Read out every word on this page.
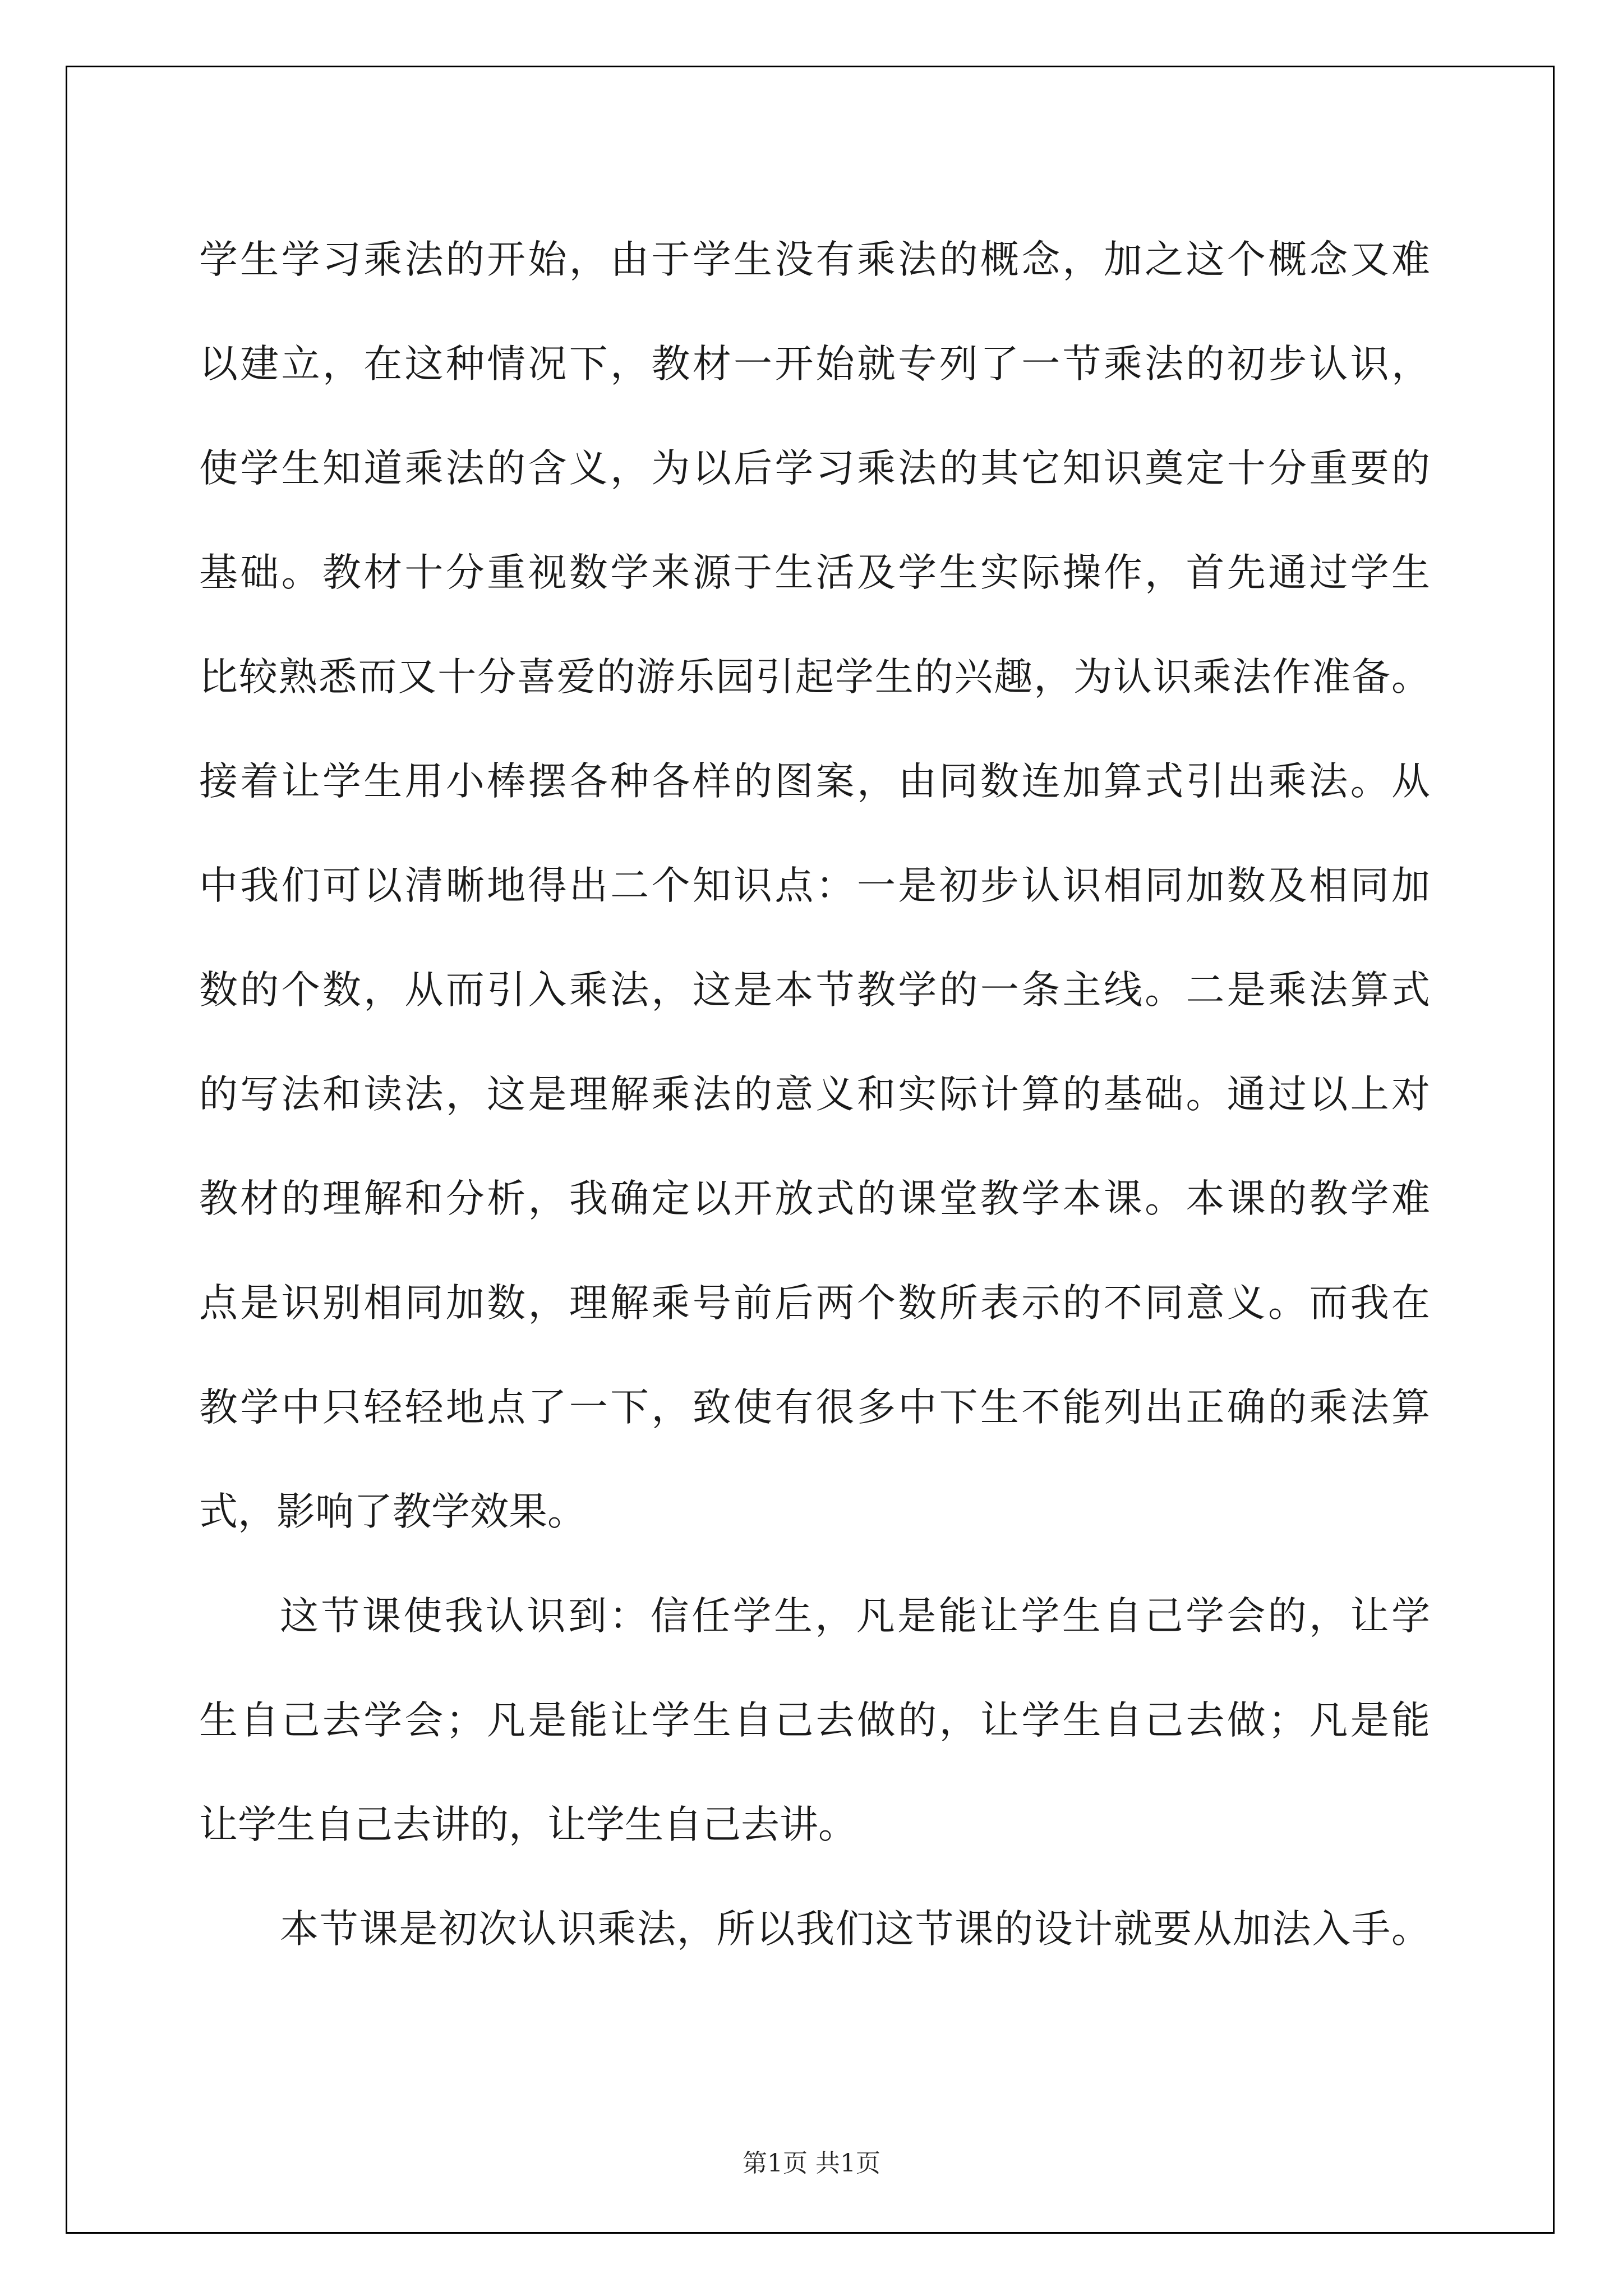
学生学习乘法的开始，由于学生没有乘法的概念，加之这个概念又难
以建立，在这种情况下，教材一开始就专列了一节乘法的初步认识，
使学生知道乘法的含义，为以后学习乘法的其它知识奠定十分重要的
基础。教材十分重视数学来源于生活及学生实际操作，首先通过学生
比较熟悉而又十分喜爱的游乐园引起学生的兴趣，为认识乘法作准备。
接着让学生用小棒摆各种各样的图案，由同数连加算式引出乘法。从
中我们可以清晰地得出二个知识点：一是初步认识相同加数及相同加
数的个数，从而引入乘法，这是本节教学的一条主线。二是乘法算式
的写法和读法，这是理解乘法的意义和实际计算的基础。通过以上对
教材的理解和分析，我确定以开放式的课堂教学本课。本课的教学难
点是识别相同加数，理解乘号前后两个数所表示的不同意义。而我在
教学中只轻轻地点了一下，致使有很多中下生不能列出正确的乘法算
式，影响了教学效果。
这节课使我认识到：信任学生，凡是能让学生自己学会的，让学
生自己去学会；凡是能让学生自己去做的，让学生自己去做；凡是能
让学生自己去讲的，让学生自己去讲。
本节课是初次认识乘法，所以我们这节课的设计就要从加法入手。
第1页 共1页
